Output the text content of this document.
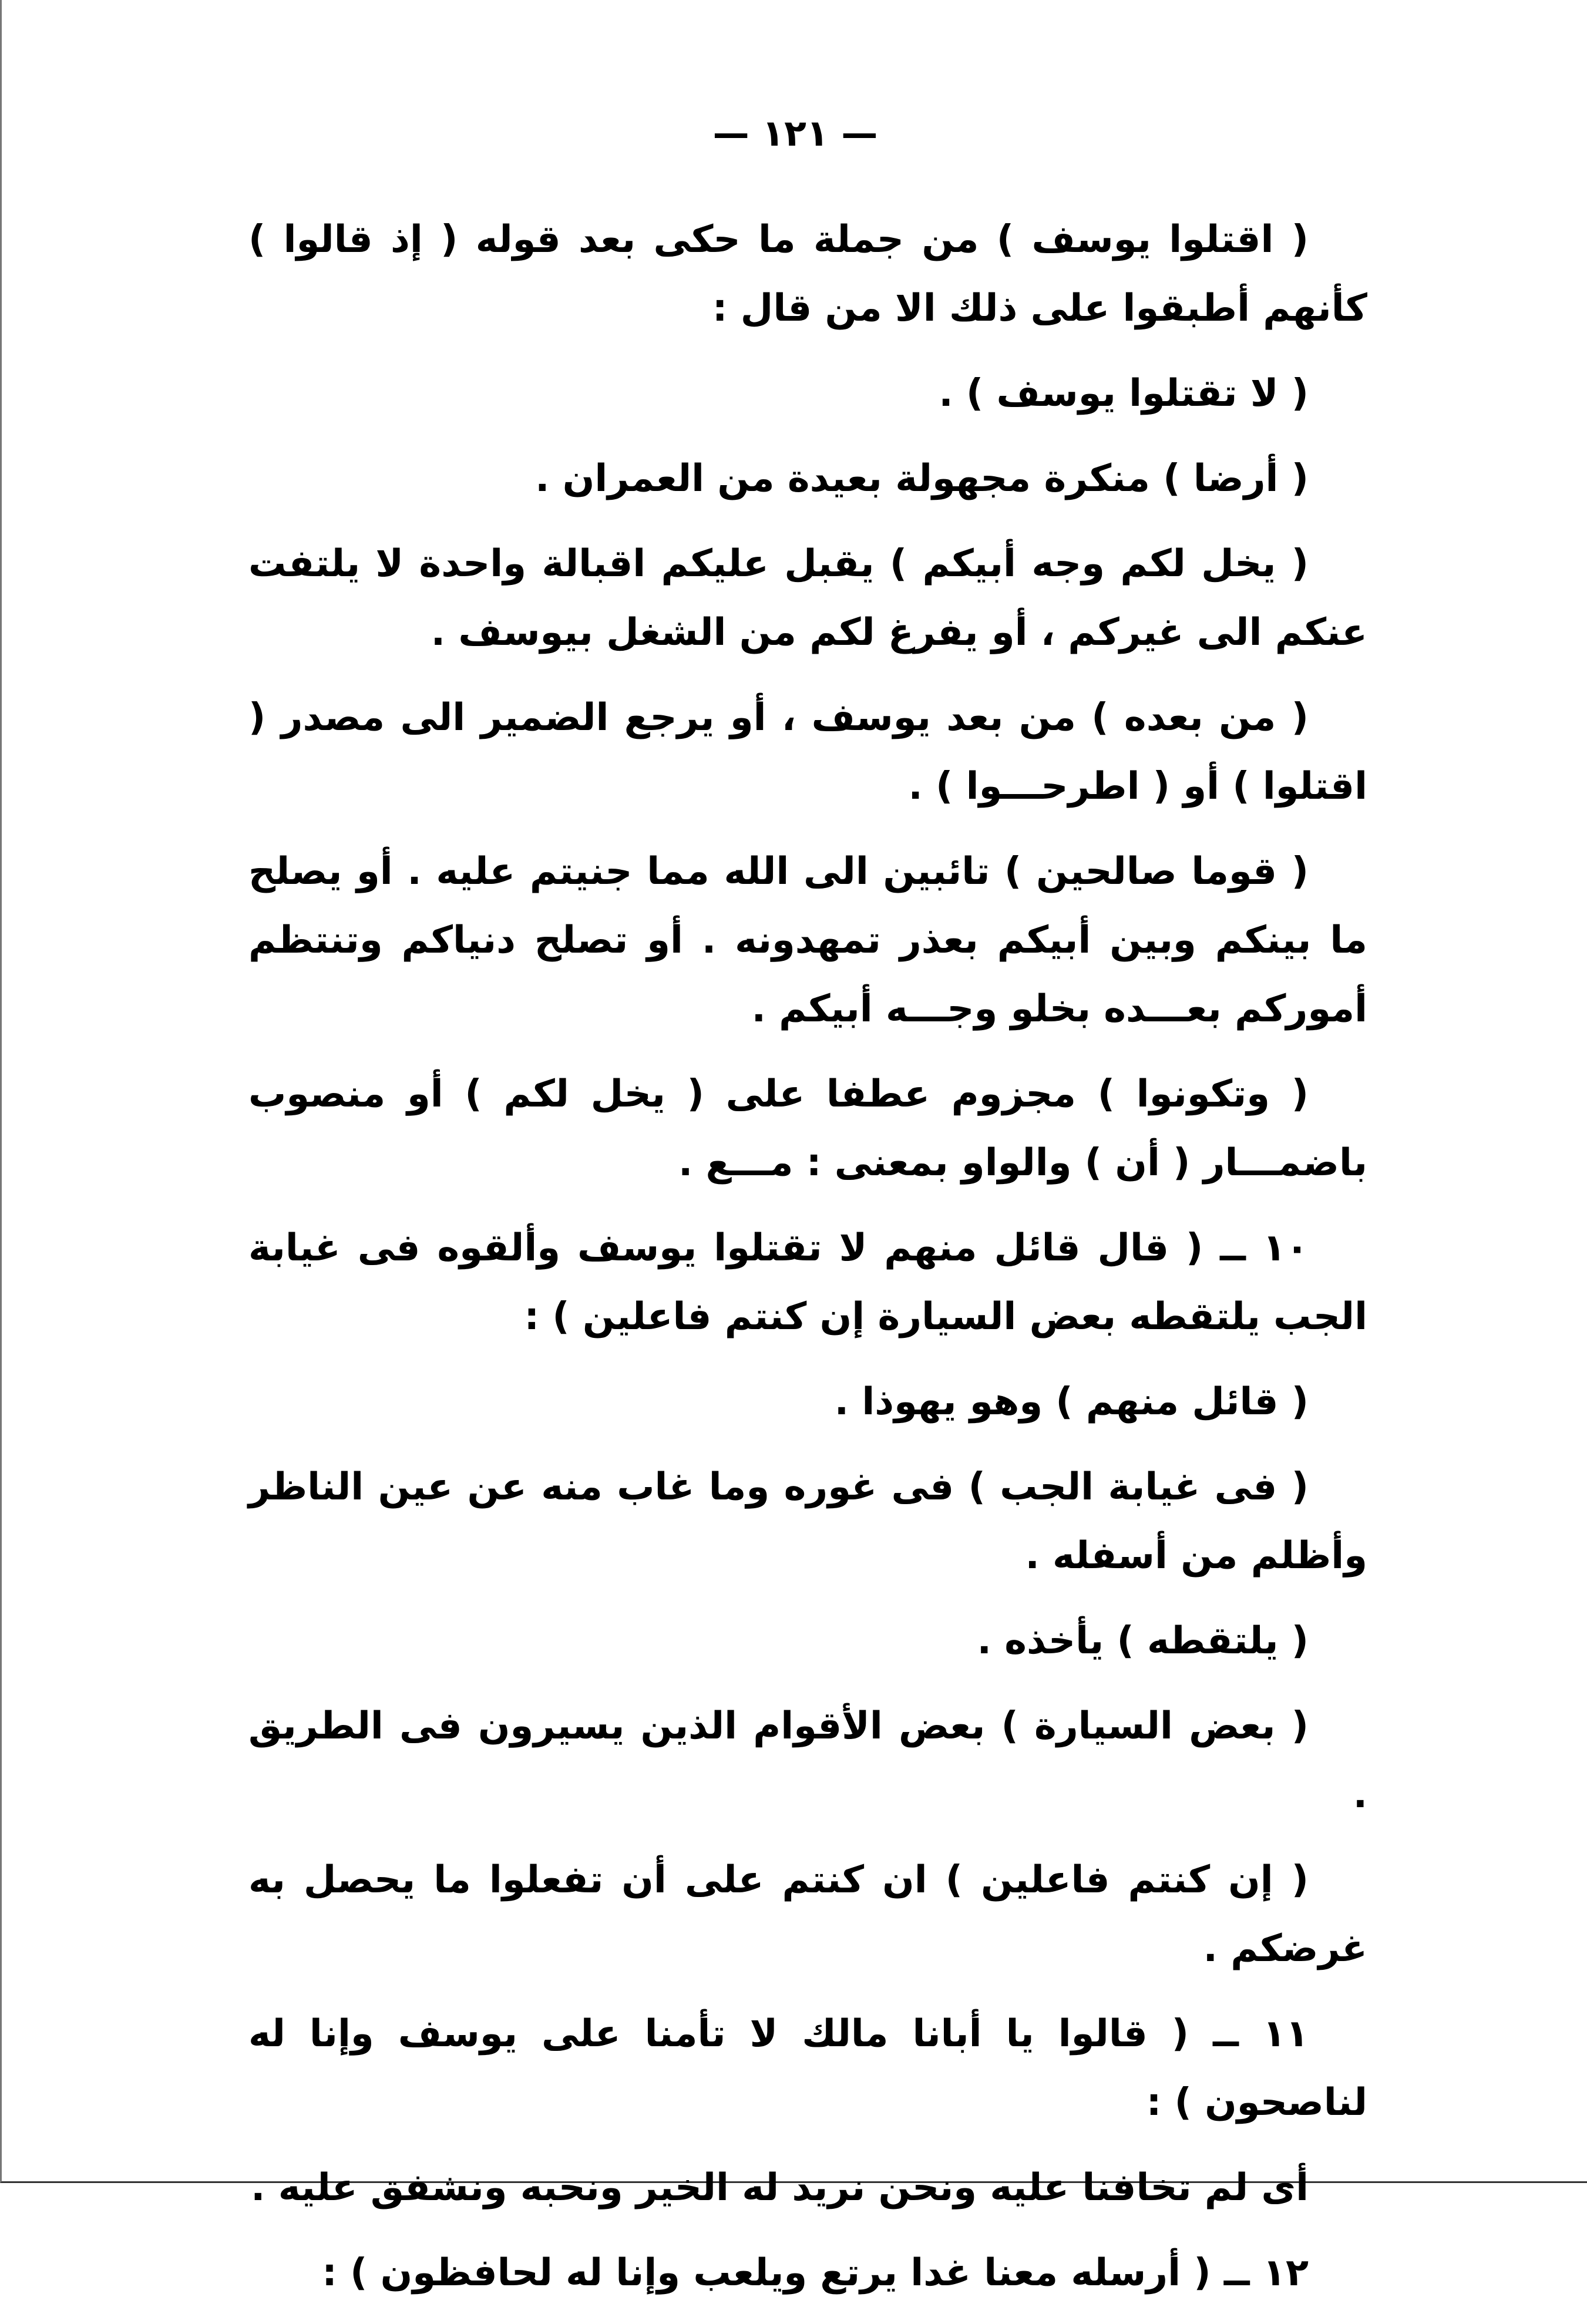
— ١٢١ —

( اقتلوا يوسف ) من جملة ما حكى بعد قوله ( إذ قالوا ) كأنهم أطبقوا على ذلك الا من قال :

( لا تقتلوا يوسف ) .

( أرضا ) منكرة مجهولة بعيدة من العمران .

( يخل لكم وجه أبيكم ) يقبل عليكم اقبالة واحدة لا يلتفت عنكم الى غيركم ، أو يفرغ لكم من الشغل بيوسف .

( من بعده ) من بعد يوسف ، أو يرجع الضمير الى مصدر ( اقتلوا ) أو ( اطرحـــوا ) .

( قوما صالحين ) تائبين الى الله مما جنيتم عليه . أو يصلح ما بينكم وبين أبيكم بعذر تمهدونه . أو تصلح دنياكم وتنتظم أموركم بعـــده بخلو وجـــه أبيكم .

( وتكونوا ) مجزوم عطفا على ( يخل لكم ) أو منصوب باضمـــار ( أن ) والواو بمعنى : مـــع .

١٠ ــ ( قال قائل منهم لا تقتلوا يوسف وألقوه فى غيابة الجب يلتقطه بعض السيارة إن كنتم فاعلين ) :

( قائل منهم ) وهو يهوذا .

( فى غيابة الجب ) فى غوره وما غاب منه عن عين الناظر وأظلم من أسفله .

( يلتقطه ) يأخذه .

( بعض السيارة ) بعض الأقوام الذين يسيرون فى الطريق .

( إن كنتم فاعلين ) ان كنتم على أن تفعلوا ما يحصل به غرضكم .

١١ ــ ( قالوا يا أبانا مالك لا تأمنا على يوسف وإنا له لناصحون ) :

أى لم تخافنا عليه ونحن نريد له الخير ونحبه ونشفق عليه .

١٢ ــ ( أرسله معنا غدا يرتع ويلعب وإنا له لحافظون ) :
